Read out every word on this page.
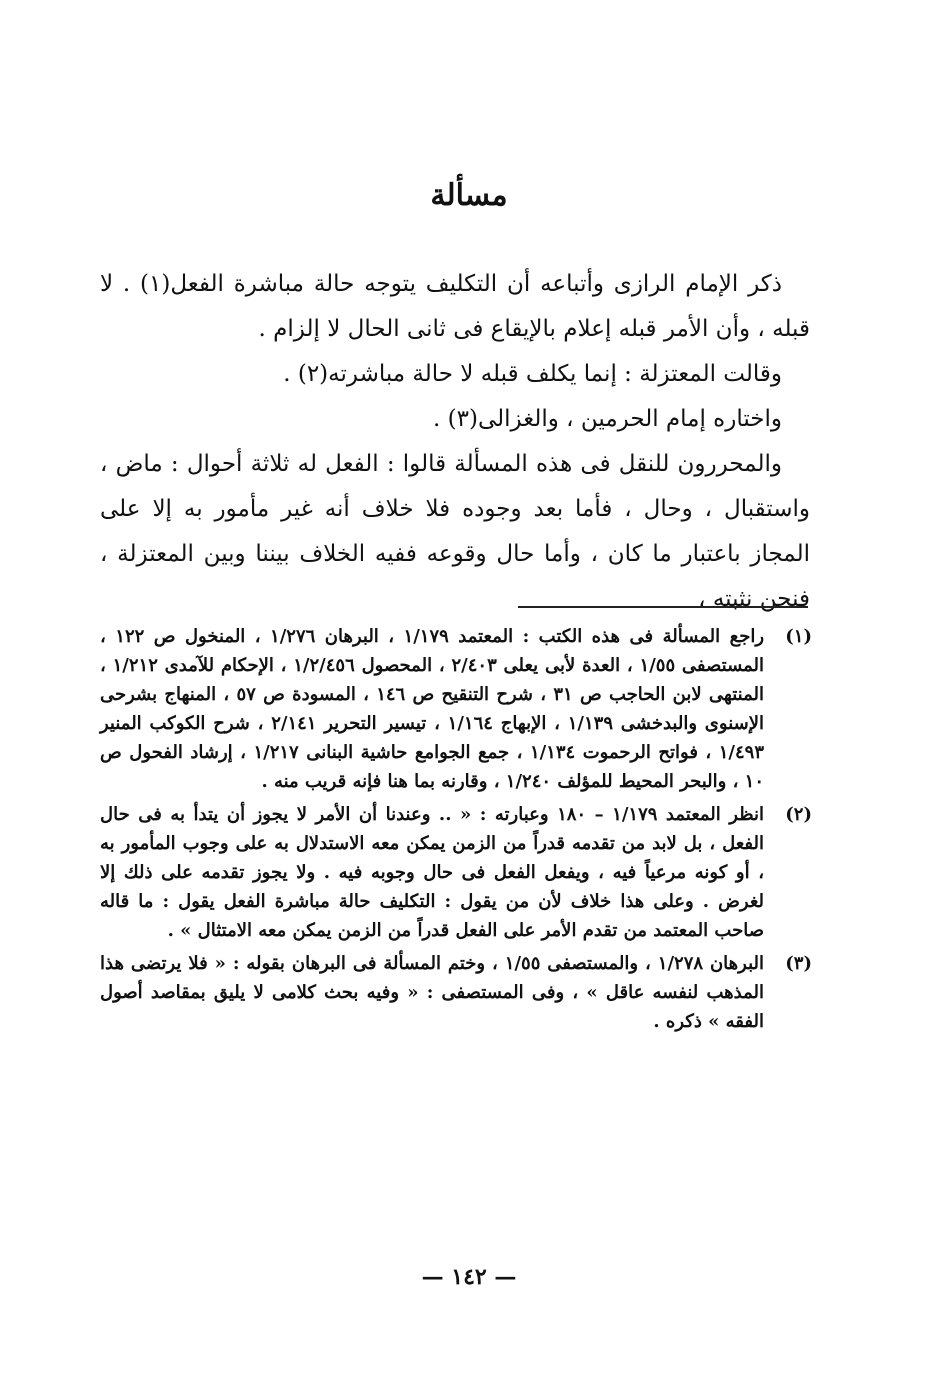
مسألة

ذكر الإمام الرازى وأتباعه أن التكليف يتوجه حالة مباشرة الفعل(١) . لا قبله ، وأن الأمر قبله إعلام بالإيقاع فى ثانى الحال لا إلزام .

وقالت المعتزلة : إنما يكلف قبله لا حالة مباشرته(٢) .

واختاره إمام الحرمين ، والغزالى(٣) .

والمحررون للنقل فى هذه المسألة قالوا : الفعل له ثلاثة أحوال : ماض ، واستقبال ، وحال ، فأما بعد وجوده فلا خلاف أنه غير مأمور به إلا على المجاز باعتبار ما كان ، وأما حال وقوعه ففيه الخلاف بيننا وبين المعتزلة ، فنحن نثبته ،

(١)
راجع المسألة فى هذه الكتب : المعتمد ١/١٧٩ ، البرهان ١/٢٧٦ ، المنخول ص ١٢٢ ، المستصفى ١/٥٥ ، العدة لأبى يعلى ٢/٤٠٣ ، المحصول ١/٢/٤٥٦ ، الإحكام للآمدى ١/٢١٢ ، المنتهى لابن الحاجب ص ٣١ ، شرح التنقيح ص ١٤٦ ، المسودة ص ٥٧ ، المنهاج بشرحى الإسنوى والبدخشى ١/١٣٩ ، الإبهاج ١/١٦٤ ، تيسير التحرير ٢/١٤١ ، شرح الكوكب المنير ١/٤٩٣ ، فواتح الرحموت ١/١٣٤ ، جمع الجوامع حاشية البنانى ١/٢١٧ ، إرشاد الفحول ص ١٠ ، والبحر المحيط للمؤلف ١/٢٤٠ ، وقارنه بما هنا فإنه قريب منه .
(٢)
انظر المعتمد ١/١٧٩ – ١٨٠ وعبارته : « .. وعندنا أن الأمر لا يجوز أن يتدأ به فى حال الفعل ، بل لابد من تقدمه قدراً من الزمن يمكن معه الاستدلال به على وجوب المأمور به ، أو كونه مرعياً فيه ، ويفعل الفعل فى حال وجوبه فيه . ولا يجوز تقدمه على ذلك إلا لغرض . وعلى هذا خلاف لأن من يقول : التكليف حالة مباشرة الفعل يقول : ما قاله صاحب المعتمد من تقدم الأمر على الفعل قدراً من الزمن يمكن معه الامتثال » .
(٣)
البرهان ١/٢٧٨ ، والمستصفى ١/٥٥ ، وختم المسألة فى البرهان بقوله : « فلا يرتضى هذا المذهب لنفسه عاقل » ، وفى المستصفى : « وفيه بحث كلامى لا يليق بمقاصد أصول الفقه » ذكره .
— ١٤٢ —
